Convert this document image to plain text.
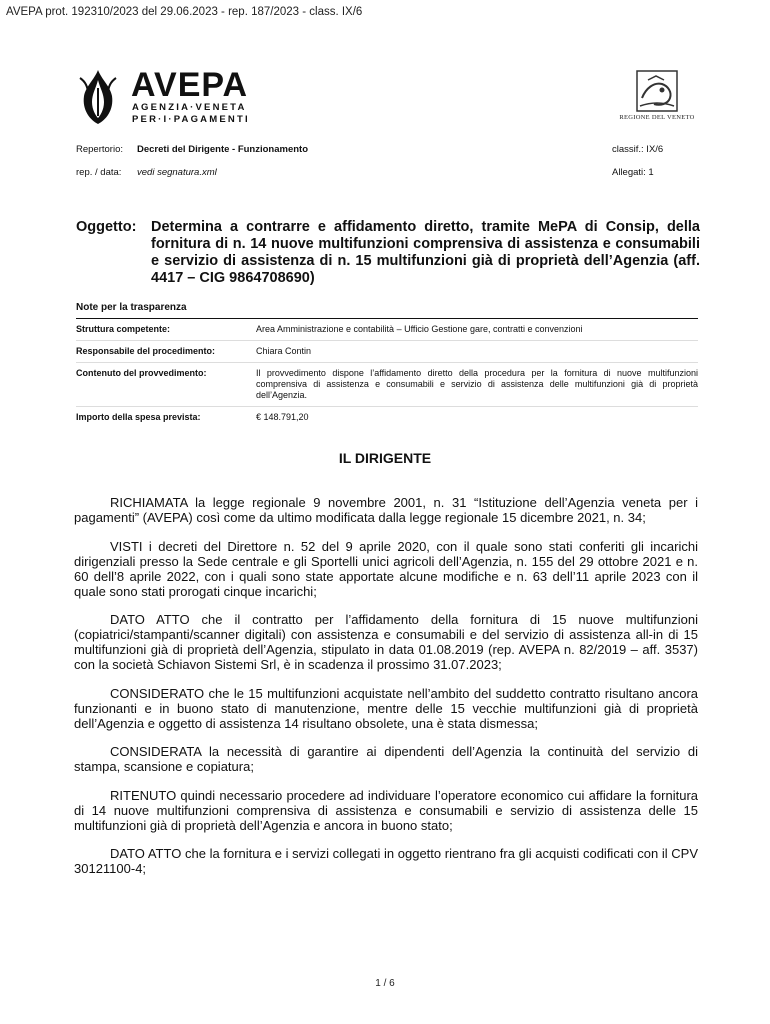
AVEPA prot. 192310/2023 del 29.06.2023 - rep. 187/2023 - class. IX/6
AVEPA
AGENZIA·VENETA
PER·I·PAGAMENTI	REGIONE DEL VENETO
Repertorio:	Decreti del Dirigente - Funzionamento	classif.: IX/6
rep. / data:	vedi segnatura.xml	Allegati: 1
Oggetto: Determina a contrarre e affidamento diretto, tramite MePA di Consip, della fornitura di n. 14 nuove multifunzioni comprensiva di assistenza e consumabili e servizio di assistenza di n. 15 multifunzioni già di proprietà dell’Agenzia (aff. 4417 – CIG 9864708690)
Note per la trasparenza
Struttura competente:	Area Amministrazione e contabilità – Ufficio Gestione gare, contratti e convenzioni
Responsabile del procedimento:	Chiara Contin
Contenuto del provvedimento:	Il provvedimento dispone l’affidamento diretto della procedura per la fornitura di nuove multifunzioni comprensiva di assistenza e consumabili e servizio di assistenza delle multifunzioni già di proprietà dell’Agenzia.
Importo della spesa prevista:	€ 148.791,20
IL DIRIGENTE

RICHIAMATA la legge regionale 9 novembre 2001, n. 31 “Istituzione dell’Agenzia veneta per i pagamenti” (AVEPA) così come da ultimo modificata dalla legge regionale 15 dicembre 2021, n. 34;

VISTI i decreti del Direttore n. 52 del 9 aprile 2020, con il quale sono stati conferiti gli incarichi dirigenziali presso la Sede centrale e gli Sportelli unici agricoli dell’Agenzia, n. 155 del 29 ottobre 2021 e n. 60 dell’8 aprile 2022, con i quali sono state apportate alcune modifiche e n. 63 dell’11 aprile 2023 con il quale sono stati prorogati cinque incarichi;

DATO ATTO che il contratto per l’affidamento della fornitura di 15 nuove multifunzioni (copiatrici/stampanti/scanner digitali) con assistenza e consumabili e del servizio di assistenza all-in di 15 multifunzioni già di proprietà dell’Agenzia, stipulato in data 01.08.2019 (rep. AVEPA n. 82/2019 – aff. 3537) con la società Schiavon Sistemi Srl, è in scadenza il prossimo 31.07.2023;

CONSIDERATO che le 15 multifunzioni acquistate nell’ambito del suddetto contratto risultano ancora funzionanti e in buono stato di manutenzione, mentre delle 15 vecchie multifunzioni già di proprietà dell’Agenzia e oggetto di assistenza 14 risultano obsolete, una è stata dismessa;

CONSIDERATA la necessità di garantire ai dipendenti dell’Agenzia la continuità del servizio di stampa, scansione e copiatura;

RITENUTO quindi necessario procedere ad individuare l’operatore economico cui affidare la fornitura di 14 nuove multifunzioni comprensiva di assistenza e consumabili e servizio di assistenza delle 15 multifunzioni già di proprietà dell’Agenzia e ancora in buono stato;

DATO ATTO che la fornitura e i servizi collegati in oggetto rientrano fra gli acquisti codificati con il CPV 30121100-4;

1 / 6
